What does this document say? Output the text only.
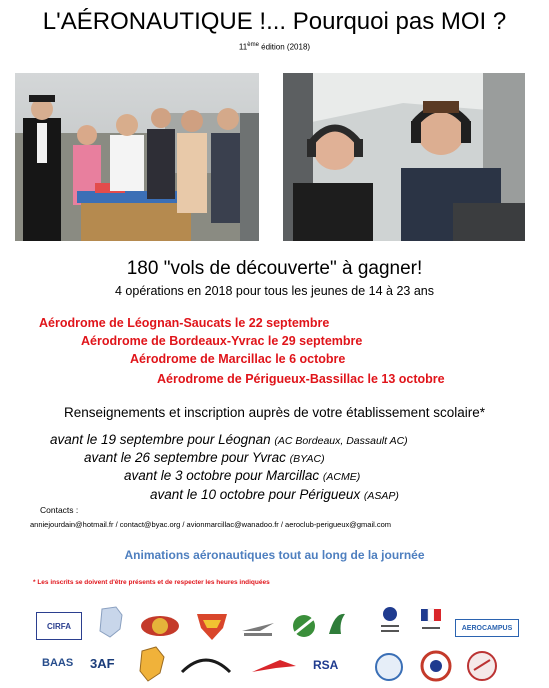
L'AÉRONAUTIQUE !... Pourquoi pas MOI ?
11ème édition (2018)
180 "vols de découverte" à gagner!
4 opérations en 2018 pour tous les jeunes de 14 à 23 ans
Aérodrome de Léognan-Saucats le 22 septembre
Aérodrome de Bordeaux-Yvrac le 29 septembre
Aérodrome de Marcillac le 6 octobre
Aérodrome de Périgueux-Bassillac le 13 octobre
Renseignements et inscription auprès de votre établissement scolaire*
avant le 19 septembre pour Léognan (AC Bordeaux, Dassault AC)
avant le 26 septembre pour Yvrac (BYAC)
avant le 3 octobre pour Marcillac (ACME)
avant le 10 octobre pour Périgueux (ASAP)
Contacts :
anniejourdain@hotmail.fr / contact@byac.org / avionmarcillac@wanadoo.fr / aeroclub-perigueux@gmail.com
Animations aéronautiques tout au long de la journée
* Les inscrits se doivent d'être présents et de respecter les heures indiquées
CIRFA	AEROCAMPUS
BAAS 3AF	RSA
